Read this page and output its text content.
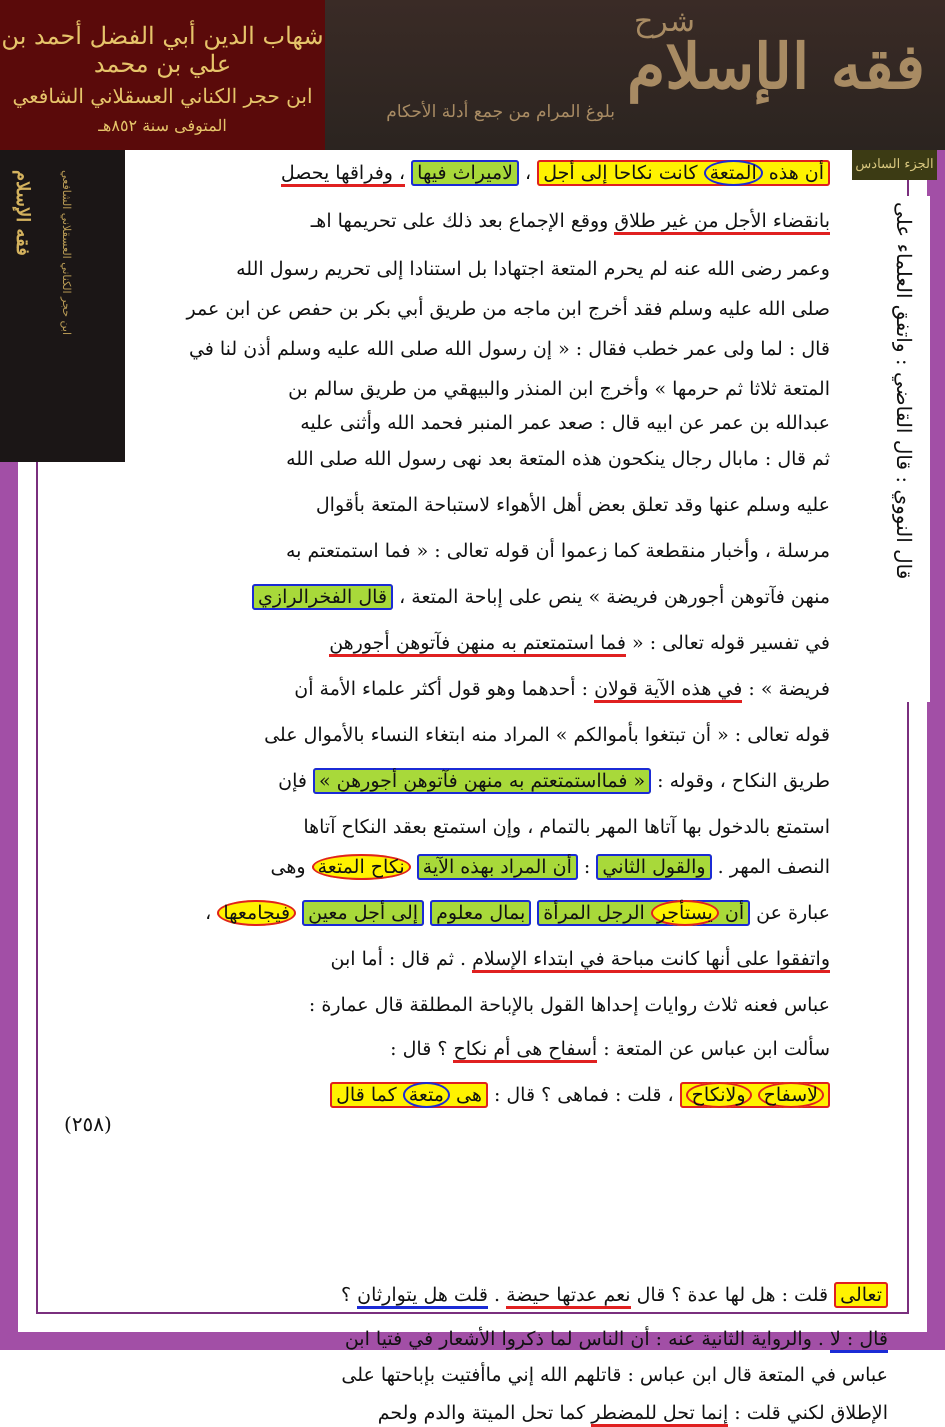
شهاب الدين أبي الفضل أحمد بن علي بن محمد
ابن حجر الكناني العسقلاني الشافعي
المتوفى سنة ٨٥٢هـ
شرح
فقه الإسلام
بلوغ المرام من جمع أدلة الأحكام
الجزء السادس
فقه الإسلام ابن حجر الكناني العسقلاني الشافعي	قال النووي : قال القاضي : واتفق العلماء على
(٢٥٨)
أن هذه المتعة كانت نكاحا إلى أجل ، لاميراث فيها ، وفراقها يحصل
بانقضاء الأجل من غير طلاق ووقع الإجماع بعد ذلك على تحريمها اهـ
وعمر رضى الله عنه لم يحرم المتعة اجتهادا بل استنادا إلى تحريم رسول الله
صلى الله عليه وسلم فقد أخرج ابن ماجه من طريق أبي بكر بن حفص عن ابن عمر
قال : لما ولى عمر خطب فقال : « إن رسول الله صلى الله عليه وسلم أذن لنا في
المتعة ثلاثا ثم حرمها » وأخرج ابن المنذر والبيهقي من طريق سالم بن
عبدالله بن عمر عن ابيه قال : صعد عمر المنبر فحمد الله وأثنى عليه
ثم قال : مابال رجال ينكحون هذه المتعة بعد نهى رسول الله صلى الله
عليه وسلم عنها وقد تعلق بعض أهل الأهواء لاستباحة المتعة بأقوال
مرسلة ، وأخبار منقطعة كما زعموا أن قوله تعالى : « فما استمتعتم به
منهن فآتوهن أجورهن فريضة » ينص على إباحة المتعة ، قال الفخرالرازي
في تفسير قوله تعالى : « فما استمتعتم به منهن فآتوهن أجورهن
فريضة » : في هذه الآية قولان : أحدهما وهو قول أكثر علماء الأمة أن
قوله تعالى : « أن تبتغوا بأموالكم » المراد منه ابتغاء النساء بالأموال على
طريق النكاح ، وقوله : « فمااستمتعتم به منهن فآتوهن أجورهن » فإن
استمتع بالدخول بها آتاها المهر بالتمام ، وإن استمتع بعقد النكاح آتاها
النصف المهر . والقول الثاني : أن المراد بهذه الآية نكاح المتعة وهى
عبارة عن أن يستأجر الرجل المرأة بمال معلوم إلى أجل معين فيجامعها ،
واتفقوا على أنها كانت مباحة في ابتداء الإسلام . ثم قال : أما ابن
عباس فعنه ثلاث روايات إحداها القول بالإباحة المطلقة قال عمارة :
سألت ابن عباس عن المتعة : أسفاح هى أم نكاح ؟ قال :
لاسفاح ولانكاح ، قلت : فماهى ؟ قال : هى متعة كما قال
تعالى قلت : هل لها عدة ؟ قال نعم عدتها حيضة . قلت هل يتوارثان ؟
قال : لا . والرواية الثانية عنه : أن الناس لما ذكروا الأشعار في فتيا ابن
عباس في المتعة قال ابن عباس : قاتلهم الله إني ماأفتيت بإباحتها على
الإطلاق لكني قلت : إنما تحل للمضطر كما تحل الميتة والدم ولحم
